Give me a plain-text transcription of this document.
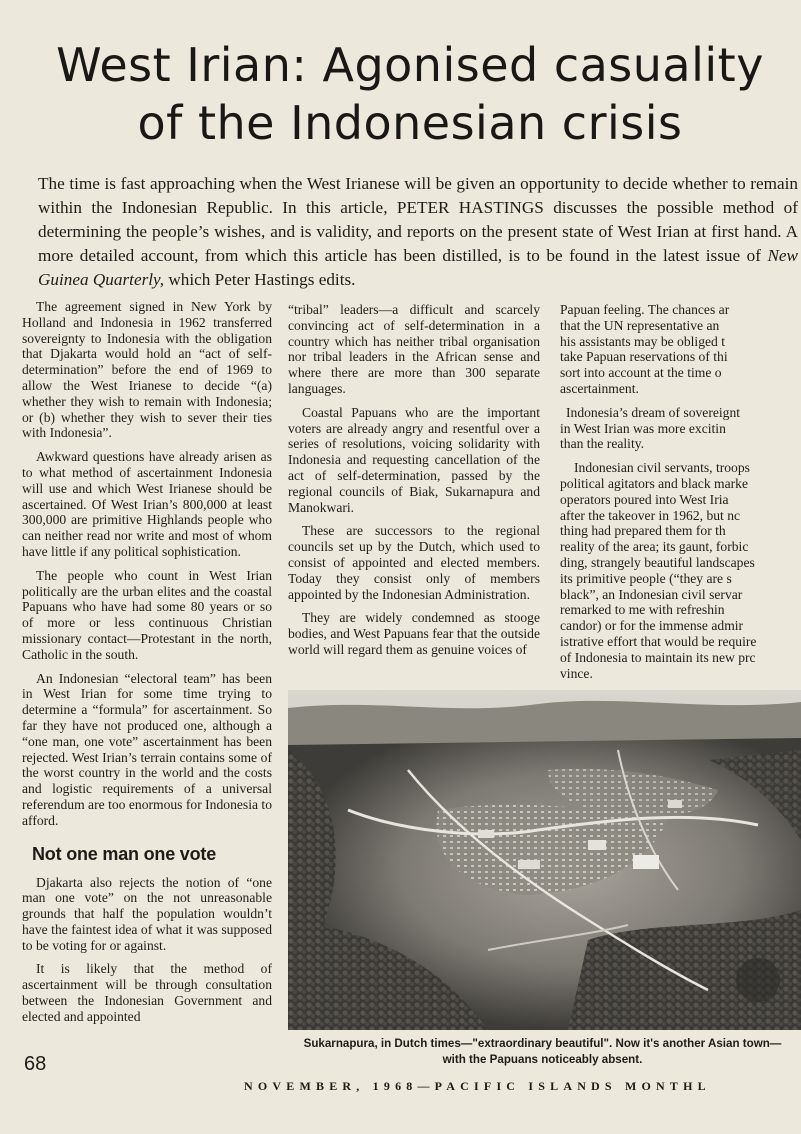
West Irian: Agonised casuality
of the Indonesian crisis

The time is fast approaching when the West Irianese will be given an opportunity to decide whether to remain within the Indonesian Republic. In this article, PETER HASTINGS discusses the possible method of determining the people’s wishes, and is validity, and reports on the present state of West Irian at first hand. A more detailed account, from which this article has been distilled, is to be found in the latest issue of New Guinea Quarterly, which Peter Hastings edits.

The agreement signed in New York by Holland and Indonesia in 1962 transferred sovereignty to Indonesia with the obligation that Djakarta would hold an “act of self-determination” before the end of 1969 to allow the West Irianese to decide “(a) whether they wish to remain with Indonesia; or (b) whether they wish to sever their ties with Indonesia”.

Awkward questions have already arisen as to what method of ascertainment Indonesia will use and which West Irianese should be ascertained. Of West Irian’s 800,000 at least 300,000 are primitive Highlands people who can neither read nor write and most of whom have little if any political sophistication.

The people who count in West Irian politically are the urban elites and the coastal Papuans who have had some 80 years or so of more or less continuous Christian missionary contact—Protestant in the north, Catholic in the south.

An Indonesian “electoral team” has been in West Irian for some time trying to determine a “formula” for ascertainment. So far they have not produced one, although a “one man, one vote” ascertainment has been rejected. West Irian’s terrain contains some of the worst country in the world and the costs and logistic requirements of a universal referendum are too enormous for Indonesia to afford.

Not one man one vote

Djakarta also rejects the notion of “one man one vote” on the not unreasonable grounds that half the population wouldn’t have the faintest idea of what it was supposed to be voting for or against.

It is likely that the method of ascertainment will be through consultation between the Indonesian Government and elected and appointed

“tribal” leaders—a difficult and scarcely convincing act of self-determination in a country which has neither tribal organisation nor tribal leaders in the African sense and where there are more than 300 separate languages.

Coastal Papuans who are the important voters are already angry and resentful over a series of resolutions, voicing solidarity with Indonesia and requesting cancellation of the act of self-determination, passed by the regional councils of Biak, Sukarnapura and Manokwari.

These are successors to the regional councils set up by the Dutch, which used to consist of appointed and elected members. Today they consist only of members appointed by the Indonesian Administration.

They are widely condemned as stooge bodies, and West Papuans fear that the outside world will regard them as genuine voices of

Papuan feeling. The chances ar
that the UN representative an
his assistants may be obliged t
take Papuan reservations of thi
sort into account at the time o
ascertainment.

Indonesia’s dream of sovereignt
in West Irian was more excitin
than the reality.

Indonesian civil servants, troops
political agitators and black marke
operators poured into West Iria
after the takeover in 1962, but nc
thing had prepared them for th
reality of the area; its gaunt, forbic
ding, strangely beautiful landscapes
its primitive people (“they are s
black”, an Indonesian civil servar
remarked to me with refreshin
candor) or for the immense admir
istrative effort that would be require
of Indonesia to maintain its new prc
vince.

Sukarnapura, in Dutch times—"extraordinary beautiful". Now it's another Asian town—
with the Papuans noticeably absent.
68
NOVEMBER, 1968—PACIFIC ISLANDS MONTHL
